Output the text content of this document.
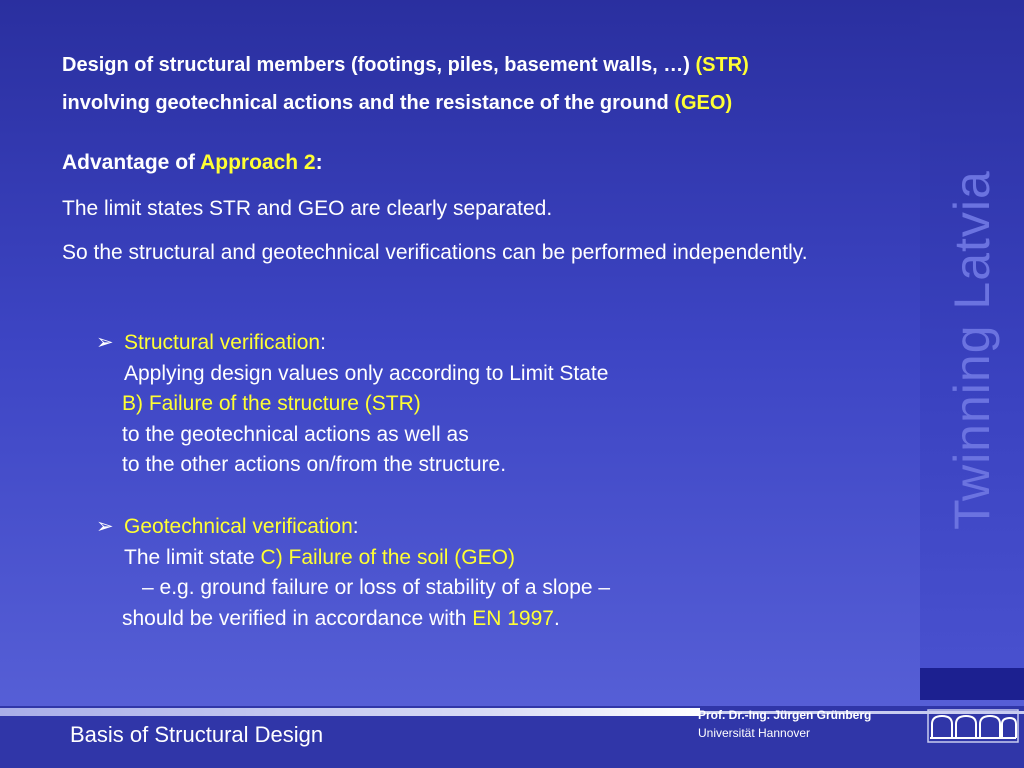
Twinning Latvia
Design of structural members (footings, piles, basement walls, …) (STR)
involving geotechnical actions and the resistance of the ground (GEO)

Advantage of Approach 2:

The limit states STR and GEO are clearly separated.

So the structural and geotechnical verifications can be performed independently.

➢ Structural verification:
Applying design values only according to Limit State
B) Failure of the structure (STR)
to the geotechnical actions as well as
to the other actions on/from the structure.
➢ Geotechnical verification:
The limit state C) Failure of the soil (GEO)
– e.g. ground failure or loss of stability of a slope –
should be verified in accordance with EN 1997.
Basis of Structural Design
Prof. Dr.-Ing. Jürgen Grünberg
Universität Hannover
